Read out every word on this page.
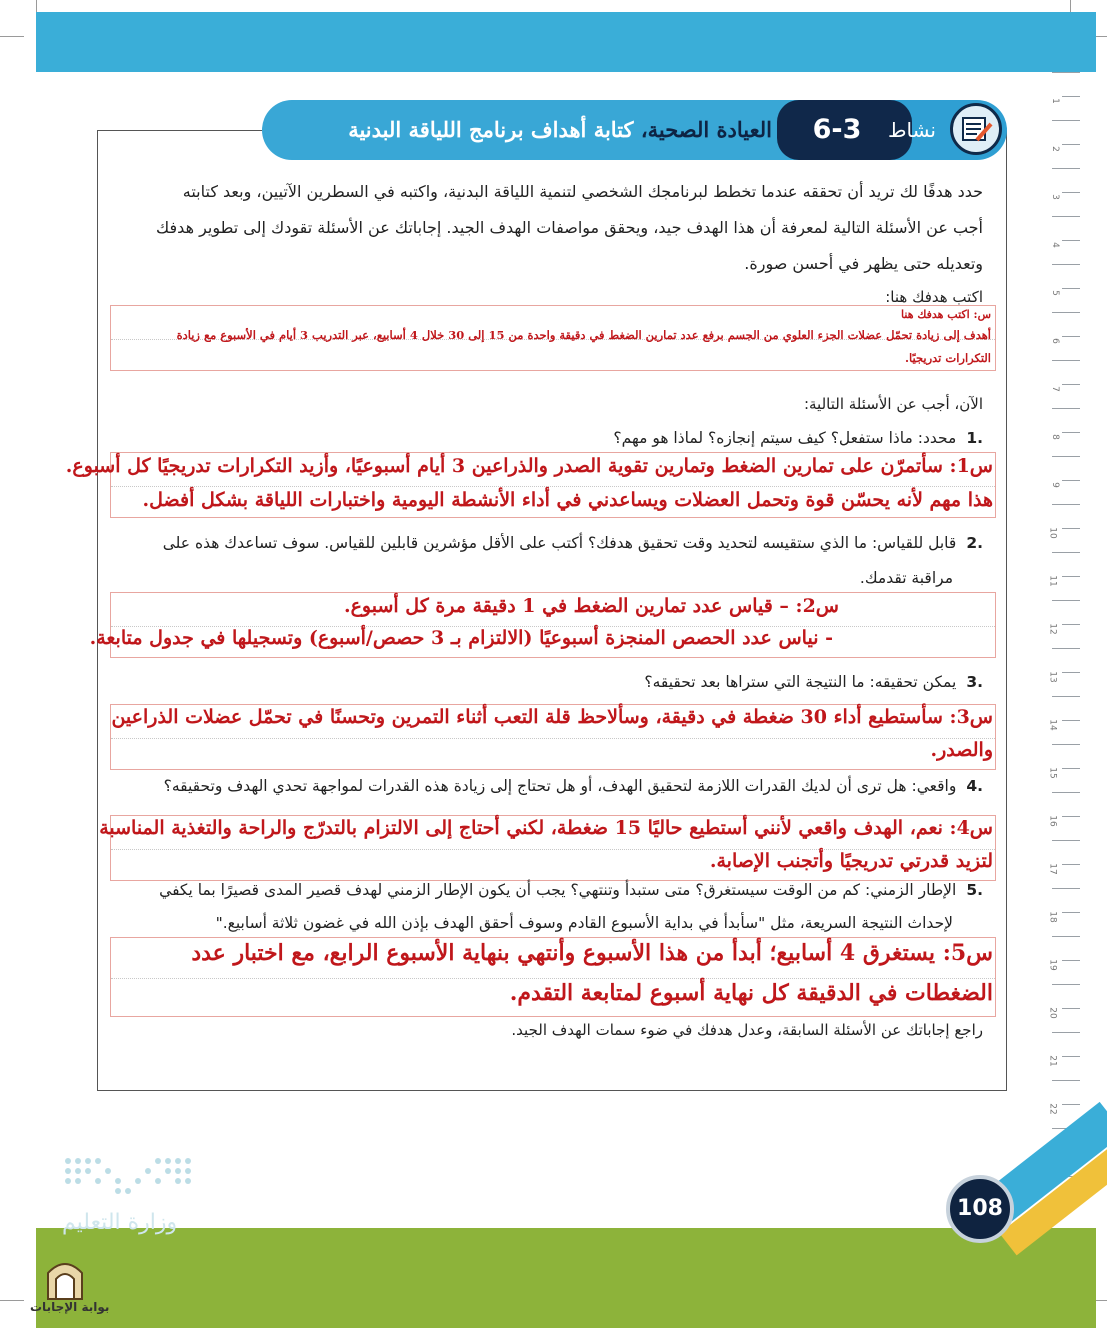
1
2
3
4
5
6
7
8
9
10
11
12
13
14
15
16
17
18
19
20
21
22
العيادة الصحية، كتابة أهداف برنامج اللياقة البدنية	6-3	نشاط
حدد هدفًا لك تريد أن تحققه عندما تخطط لبرنامجك الشخصي لتنمية اللياقة البدنية، واكتبه في السطرين الآتيين، وبعد كتابته
أجب عن الأسئلة التالية لمعرفة أن هذا الهدف جيد، ويحقق مواصفات الهدف الجيد. إجاباتك عن الأسئلة تقودك إلى تطوير هدفك
وتعديله حتى يظهر في أحسن صورة.
اكتب هدفك هنا:
س: اكتب هدفك هنا
أهدف إلى زيادة تحمّل عضلات الجزء العلوي من الجسم برفع عدد تمارين الضغط في دقيقة واحدة من 15 إلى 30 خلال 4 أسابيع، عبر التدريب 3 أيام في الأسبوع مع زيادة
التكرارات تدريجيًا.
الآن، أجب عن الأسئلة التالية:
.1محدد: ماذا ستفعل؟ كيف سيتم إنجازه؟ لماذا هو مهم؟
س1: سأتمرّن على تمارين الضغط وتمارين تقوية الصدر والذراعين 3 أيام أسبوعيًا، وأزيد التكرارات تدريجيًا كل أسبوع.
هذا مهم لأنه يحسّن قوة وتحمل العضلات ويساعدني في أداء الأنشطة اليومية واختبارات اللياقة بشكل أفضل.
.2قابل للقياس: ما الذي ستقيسه لتحديد وقت تحقيق هدفك؟ أكتب على الأقل مؤشرين قابلين للقياس. سوف تساعدك هذه على
مراقبة تقدمك.
س2: – قياس عدد تمارين الضغط في 1 دقيقة مرة كل أسبوع.
- نياس عدد الحصص المنجزة أسبوعيًا (الالتزام بـ 3 حصص/أسبوع) وتسجيلها في جدول متابعة.
.3يمكن تحقيقه: ما النتيجة التي ستراها بعد تحقيقه؟
س3: سأستطيع أداء 30 ضغطة في دقيقة، وسألاحظ قلة التعب أثناء التمرين وتحسنًا في تحمّل عضلات الذراعين
والصدر.
.4واقعي: هل ترى أن لديك القدرات اللازمة لتحقيق الهدف، أو هل تحتاج إلى زيادة هذه القدرات لمواجهة تحدي الهدف وتحقيقه؟
س4: نعم، الهدف واقعي لأنني أستطيع حاليًا 15 ضغطة، لكني أحتاج إلى الالتزام بالتدرّج والراحة والتغذية المناسبة
لتزيد قدرتي تدريجيًا وأتجنب الإصابة.
.5الإطار الزمني: كم من الوقت سيستغرق؟ متى ستبدأ وتنتهي؟ يجب أن يكون الإطار الزمني لهدف قصير المدى قصيرًا بما يكفي
لإحداث النتيجة السريعة، مثل "سأبدأ في بداية الأسبوع القادم وسوف أحقق الهدف بإذن الله في غضون ثلاثة أسابيع."
س5: يستغرق 4 أسابيع؛ أبدأ من هذا الأسبوع وأنتهي بنهاية الأسبوع الرابع، مع اختبار عدد
الضغطات في الدقيقة كل نهاية أسبوع لمتابعة التقدم.
راجع إجاباتك عن الأسئلة السابقة، وعدل هدفك في ضوء سمات الهدف الجيد.
108
وزارة التعليم
بوابة الإجابات
